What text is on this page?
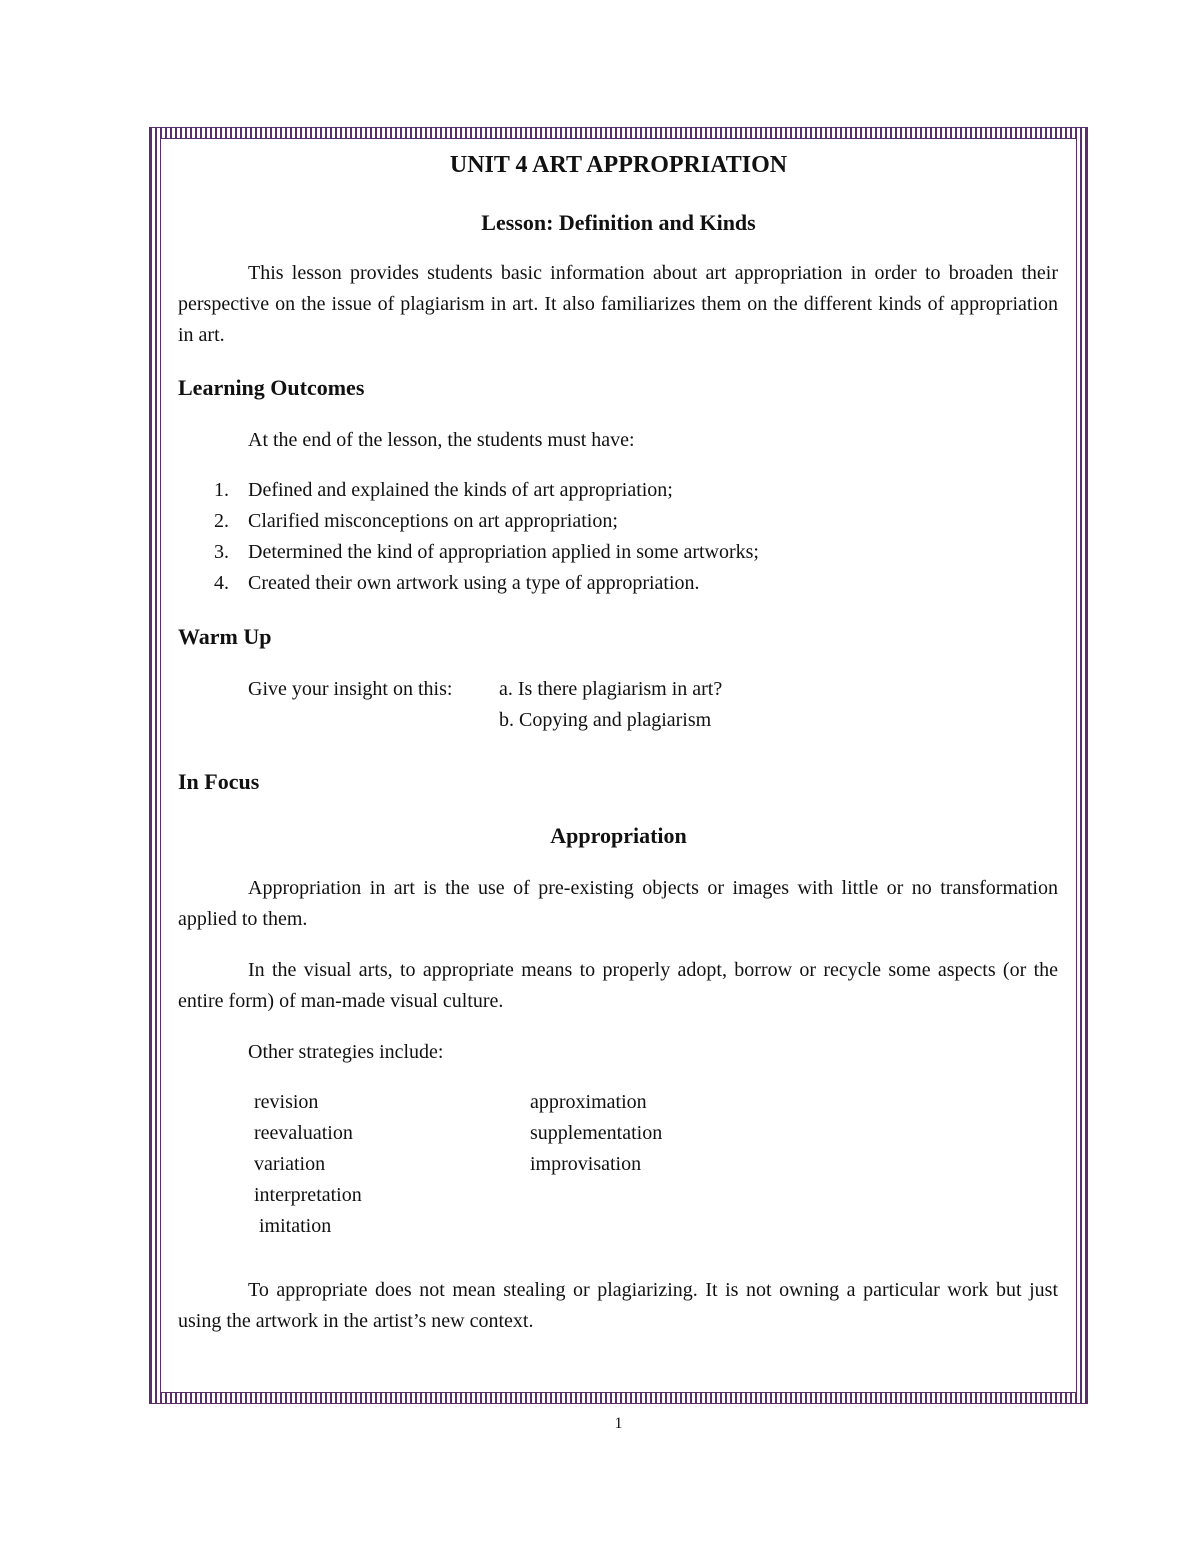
UNIT 4 ART APPROPRIATION
Lesson: Definition and Kinds
This lesson provides students basic information about art appropriation in order to broaden their perspective on the issue of plagiarism in art. It also familiarizes them on the different kinds of appropriation in art.
Learning Outcomes
At the end of the lesson, the students must have:
1. Defined and explained the kinds of art appropriation;
2. Clarified misconceptions on art appropriation;
3. Determined the kind of appropriation applied in some artworks;
4. Created their own artwork using a type of appropriation.
Warm Up
Give your insight on this: a. Is there plagiarism in art?
b. Copying and plagiarism
In Focus
Appropriation
Appropriation in art is the use of pre-existing objects or images with little or no transformation applied to them.
In the visual arts, to appropriate means to properly adopt, borrow or recycle some aspects (or the entire form) of man-made visual culture.
Other strategies include:
revision
reevaluation
variation
interpretation
imitation
approximation
supplementation
improvisation
To appropriate does not mean stealing or plagiarizing. It is not owning a particular work but just using the artwork in the artist’s new context.
1
